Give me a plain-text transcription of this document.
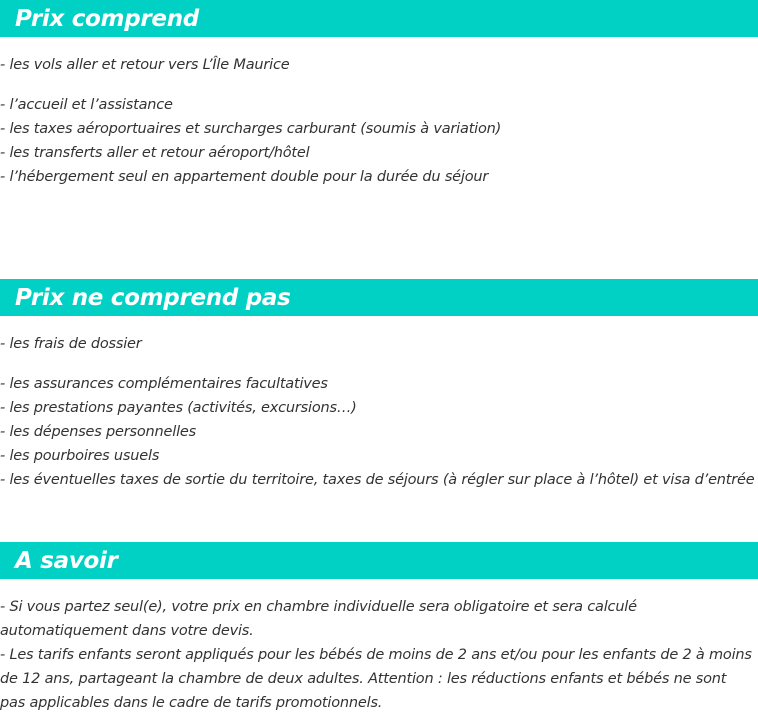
Prix comprend
- les vols aller et retour vers L’Île Maurice
- l’accueil et l’assistance
- les taxes aéroportuaires et surcharges carburant (soumis à variation)
- les transferts aller et retour aéroport/hôtel
- l’hébergement seul en appartement double pour la durée du séjour
Prix ne comprend pas
- les frais de dossier
- les assurances complémentaires facultatives
- les prestations payantes (activités, excursions…)
- les dépenses personnelles
- les pourboires usuels
- les éventuelles taxes de sortie du territoire, taxes de séjours (à régler sur place à l’hôtel) et visa d’entrée
A savoir
- Si vous partez seul(e), votre prix en chambre individuelle sera obligatoire et sera calculé automatiquement dans votre devis.
- Les tarifs enfants seront appliqués pour les bébés de moins de 2 ans et/ou pour les enfants de 2 à moins de 12 ans, partageant la chambre de deux adultes. Attention : les réductions enfants et bébés ne sont pas applicables dans le cadre de tarifs promotionnels.
